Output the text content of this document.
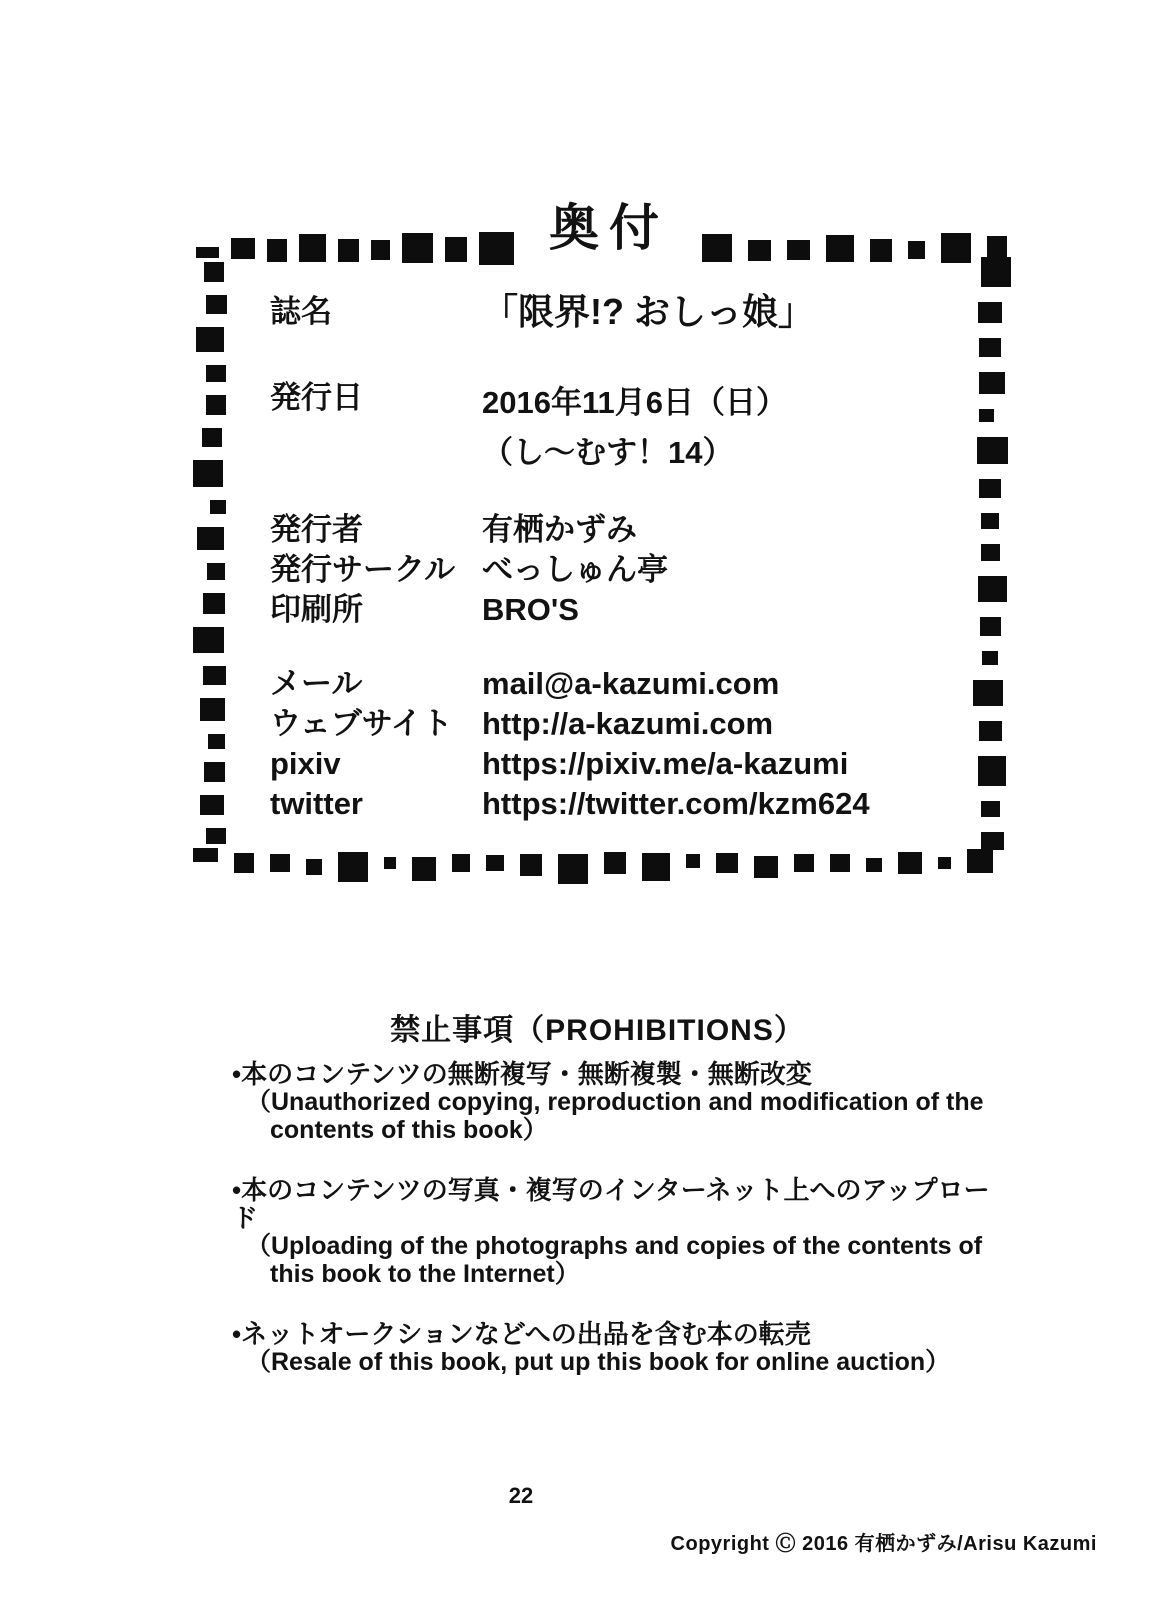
奥付
誌名	「限界!? おしっ娘」
発行日	2016年11月6日（日）
（し～むす！14）
発行者	有栖かずみ
発行サークル べっしゅん亭
印刷所	BRO'S
メール	mail@a-kazumi.com
ウェブサイト http://a-kazumi.com
pixiv	https://pixiv.me/a-kazumi
twitter	https://twitter.com/kzm624
禁止事項（PROHIBITIONS）
•本のコンテンツの無断複写・無断複製・無断改変
（Unauthorized copying, reproduction and modification of the
contents of this book）
•本のコンテンツの写真・複写のインターネット上へのアップロード
（Uploading of the photographs and copies of the contents of
this book to the Internet）
•ネットオークションなどへの出品を含む本の転売
（Resale of this book, put up this book for online auction）
22
Copyright Ⓒ 2016 有栖かずみ/Arisu Kazumi
